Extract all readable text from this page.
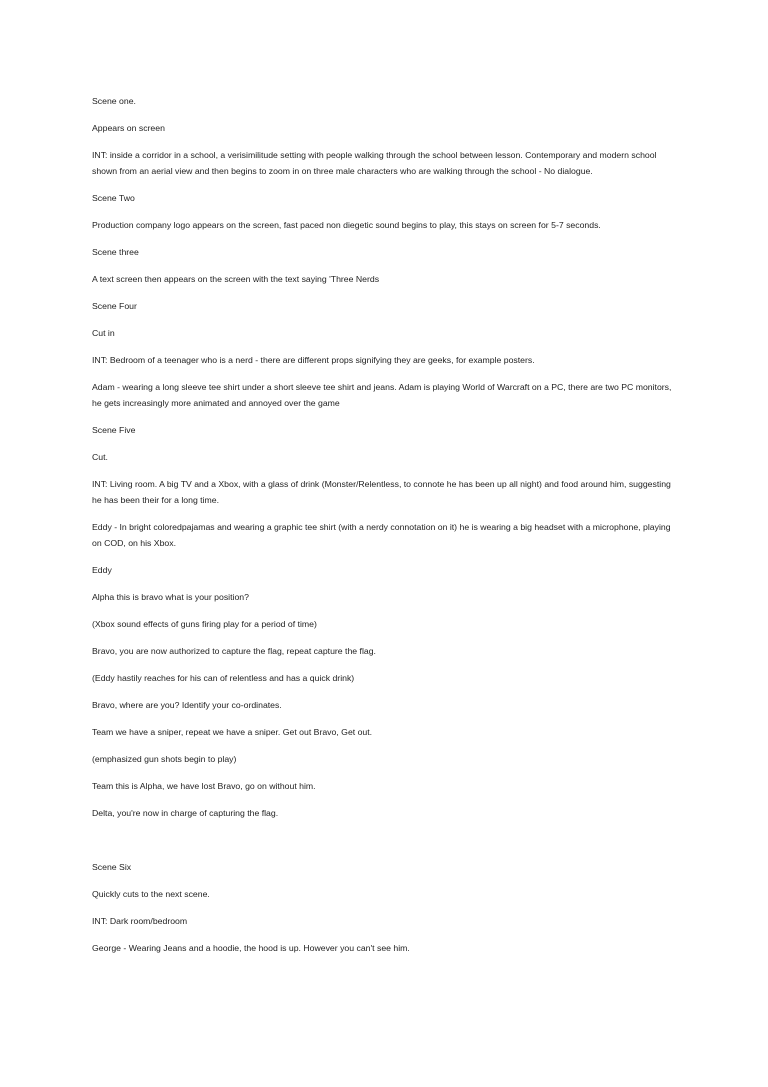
Scene one.

Appears on screen

INT: inside a corridor in a school, a verisimilitude setting with people walking through the school between lesson. Contemporary and modern school shown from an aerial view and then begins to zoom in on three male characters who are walking through the school - No dialogue.

Scene Two

Production company logo appears on the screen, fast paced non diegetic sound begins to play, this stays on screen for 5-7 seconds.

Scene three

A text screen then appears on the screen with the text saying 'Three Nerds

Scene Four

Cut in

INT: Bedroom of a teenager who is a nerd - there are different props signifying they are geeks, for example posters.

Adam - wearing a long sleeve tee shirt under a short sleeve tee shirt and jeans. Adam is playing World of Warcraft on a PC, there are two PC monitors, he gets increasingly more animated and annoyed over the game

Scene Five

Cut.

INT: Living room. A big TV and a Xbox, with a glass of drink (Monster/Relentless, to connote he has been up all night) and food around him, suggesting he has been their for a long time.

Eddy - In bright coloredpajamas and wearing a graphic tee shirt (with a nerdy connotation on it) he is wearing a big headset with a microphone, playing on COD, on his Xbox.

Eddy

Alpha this is bravo what is your position?

(Xbox sound effects of guns firing play for a period of time)

Bravo, you are now authorized to capture the flag, repeat capture the flag.

(Eddy hastily reaches for his can of relentless and has a quick drink)

Bravo, where are you? Identify your co-ordinates.

Team we have a sniper, repeat we have a sniper. Get out Bravo, Get out.

(emphasized gun shots begin to play)

Team this is Alpha, we have lost Bravo, go on without him.

Delta, you're now in charge of capturing the flag.

Scene Six

Quickly cuts to the next scene.

INT: Dark room/bedroom

George - Wearing Jeans and a hoodie, the hood is up. However you can't see him.
